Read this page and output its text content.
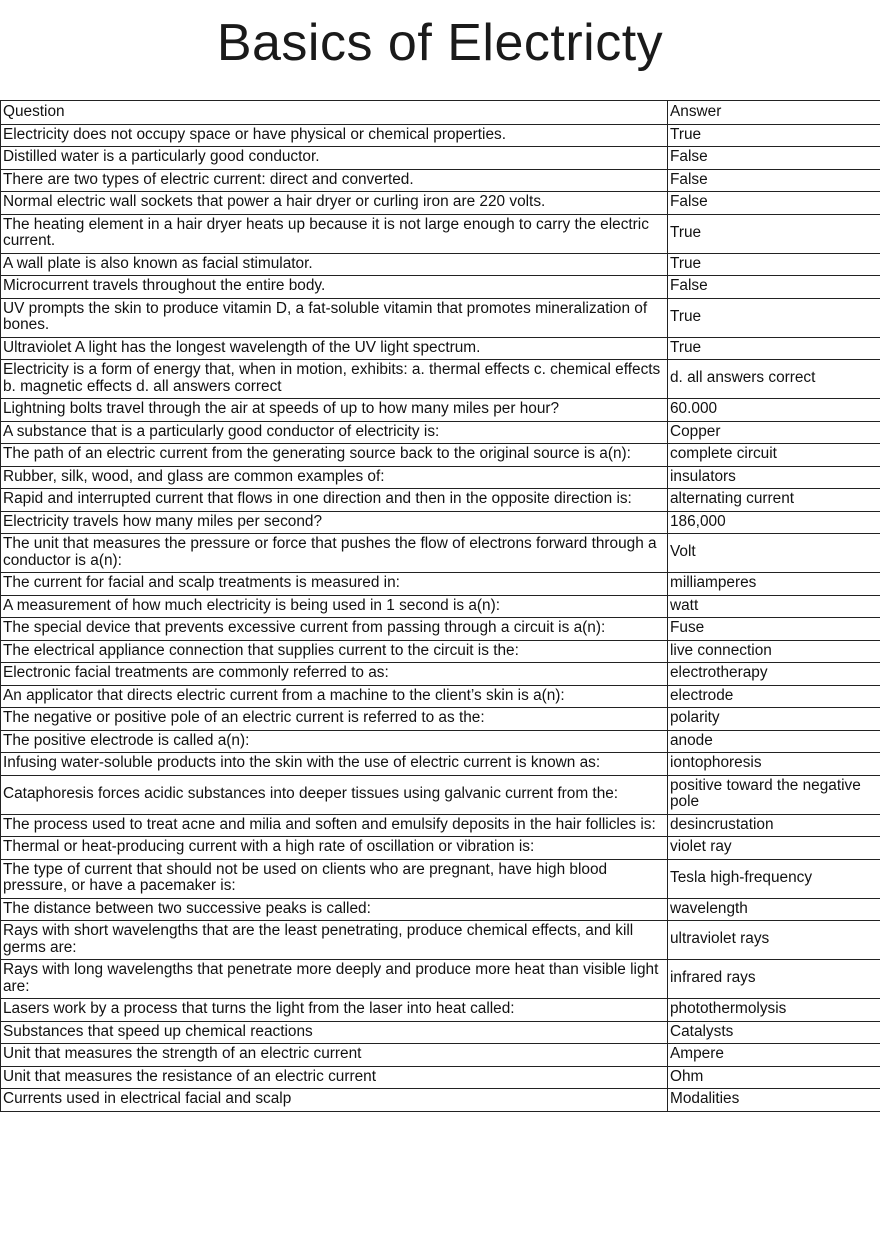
Basics of Electricty
Question	Answer
Electricity does not occupy space or have physical or chemical properties.	True
Distilled water is a particularly good conductor.	False
There are two types of electric current: direct and converted.	False
Normal electric wall sockets that power a hair dryer or curling iron are 220 volts.	False
The heating element in a hair dryer heats up because it is not large enough to carry the electric current.	True
A wall plate is also known as facial stimulator.	True
Microcurrent travels throughout the entire body.	False
UV prompts the skin to produce vitamin D, a fat-soluble vitamin that promotes mineralization of bones.	True
Ultraviolet A light has the longest wavelength of the UV light spectrum.	True
Electricity is a form of energy that, when in motion, exhibits: a. thermal effects c. chemical effects b. magnetic effects d. all answers correct	d. all answers correct
Lightning bolts travel through the air at speeds of up to how many miles per hour?	60.000
A substance that is a particularly good conductor of electricity is:	Copper
The path of an electric current from the generating source back to the original source is a(n):	complete circuit
Rubber, silk, wood, and glass are common examples of:	insulators
Rapid and interrupted current that flows in one direction and then in the opposite direction is:	alternating current
Electricity travels how many miles per second?	186,000
The unit that measures the pressure or force that pushes the flow of electrons forward through a conductor is a(n):	Volt
The current for facial and scalp treatments is measured in:	milliamperes
A measurement of how much electricity is being used in 1 second is a(n):	watt
The special device that prevents excessive current from passing through a circuit is a(n):	Fuse
The electrical appliance connection that supplies current to the circuit is the:	live connection
Electronic facial treatments are commonly referred to as:	electrotherapy
An applicator that directs electric current from a machine to the client’s skin is a(n):	electrode
The negative or positive pole of an electric current is referred to as the:	polarity
The positive electrode is called a(n):	anode
Infusing water-soluble products into the skin with the use of electric current is known as:	iontophoresis
Cataphoresis forces acidic substances into deeper tissues using galvanic current from the:	positive toward the negative pole
The process used to treat acne and milia and soften and emulsify deposits in the hair follicles is:	desincrustation
Thermal or heat-producing current with a high rate of oscillation or vibration is:	violet ray
The type of current that should not be used on clients who are pregnant, have high blood pressure, or have a pacemaker is:	Tesla high-frequency
The distance between two successive peaks is called:	wavelength
Rays with short wavelengths that are the least penetrating, produce chemical effects, and kill germs are:	ultraviolet rays
Rays with long wavelengths that penetrate more deeply and produce more heat than visible light are:	infrared rays
Lasers work by a process that turns the light from the laser into heat called:	photothermolysis
Substances that speed up chemical reactions	Catalysts
Unit that measures the strength of an electric current	Ampere
Unit that measures the resistance of an electric current	Ohm
Currents used in electrical facial and scalp	Modalities
